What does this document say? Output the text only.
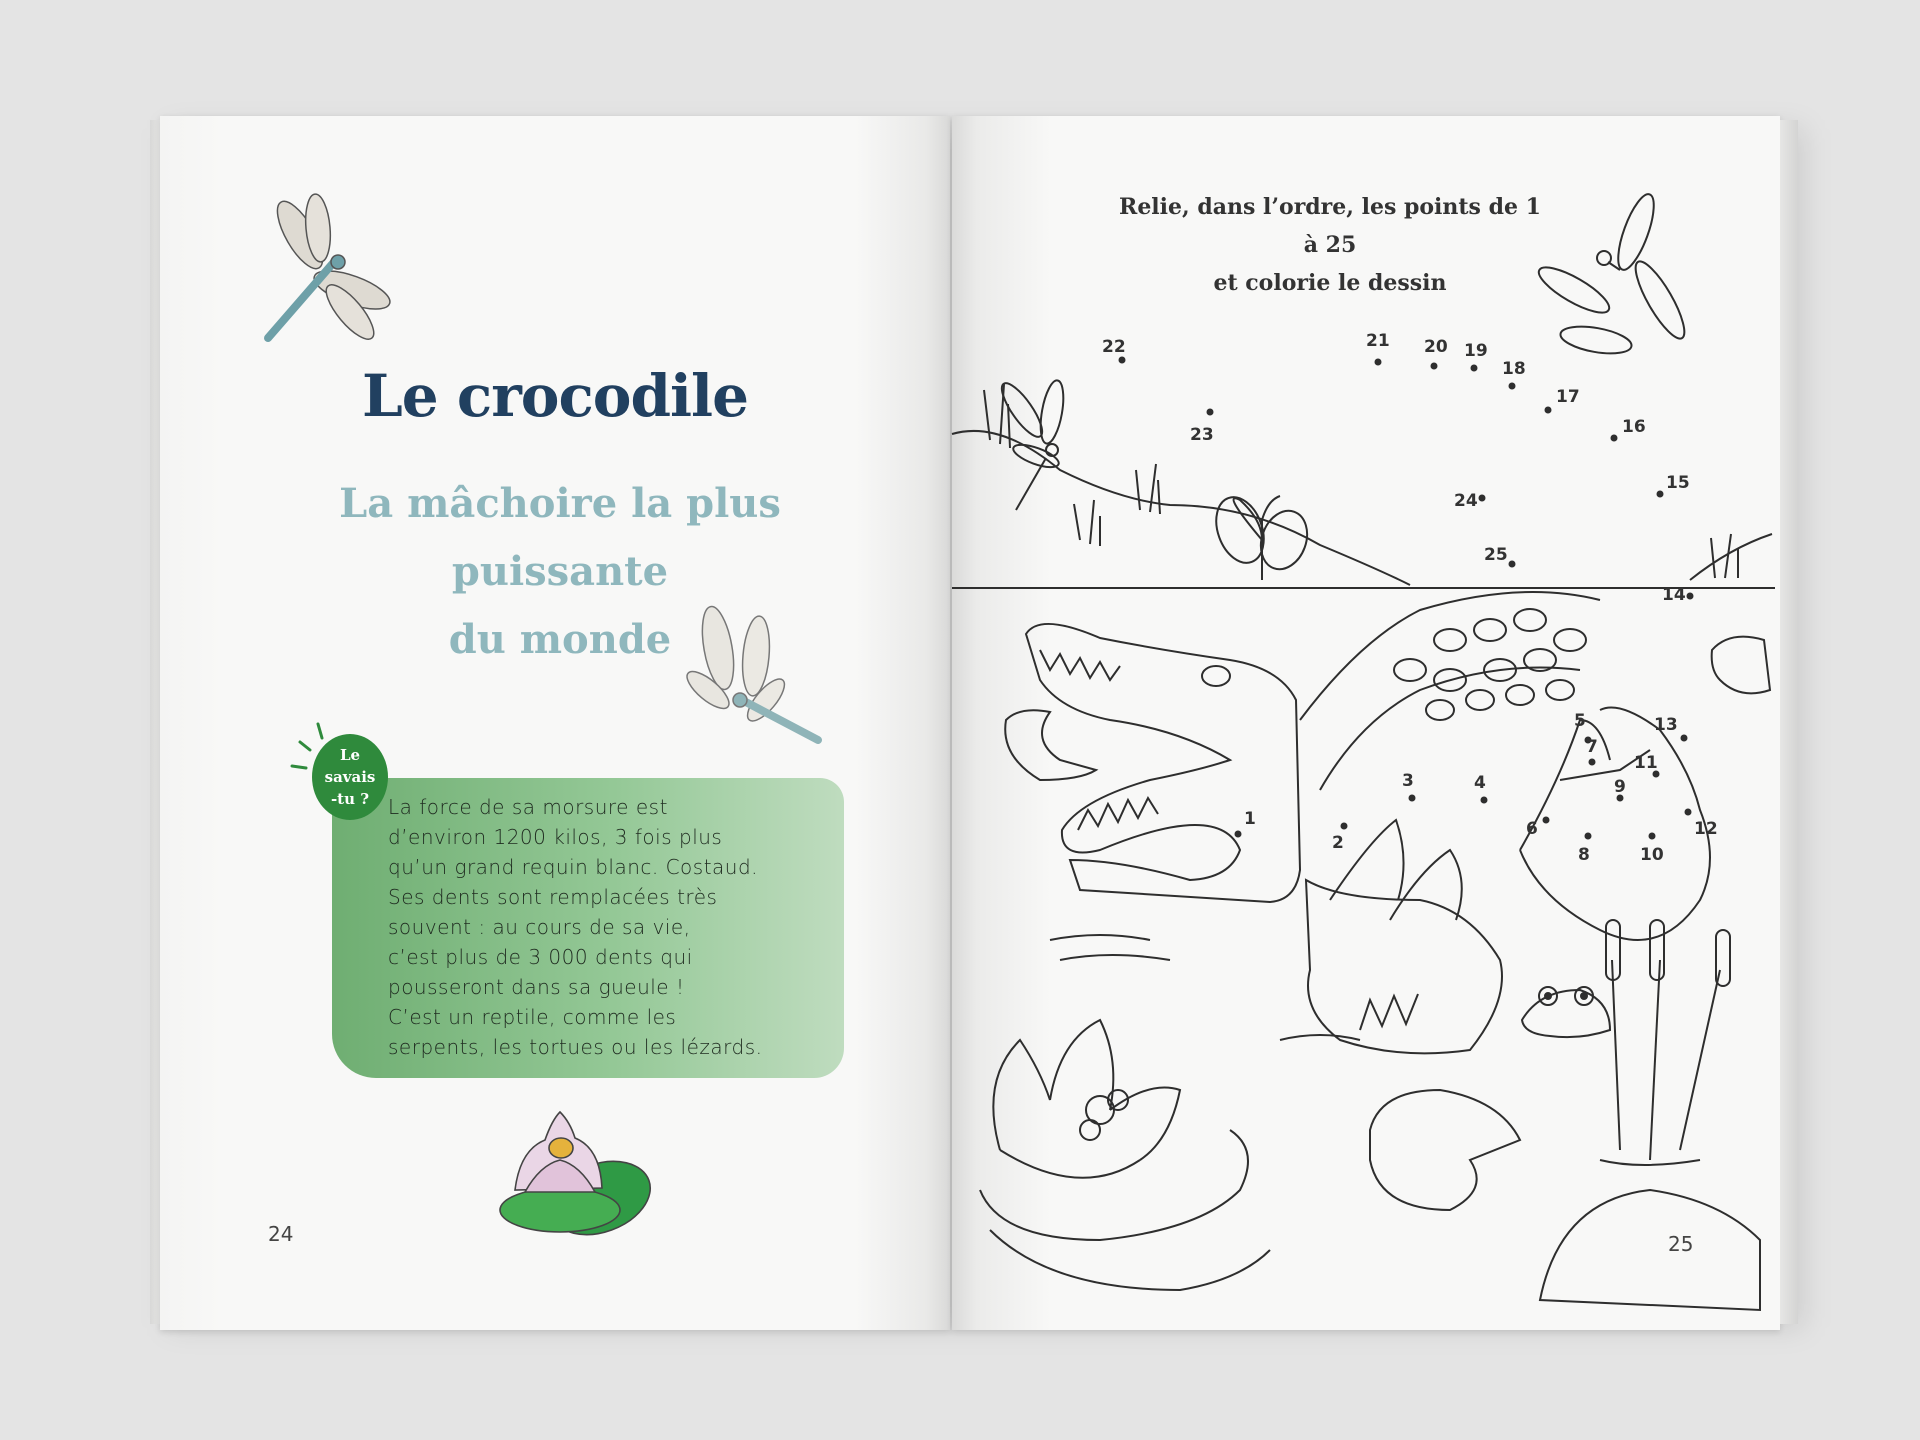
Le crocodile
La mâchoire la plus puissante
du monde
Le
savais
-tu ? La force de sa morsure est
d’environ 1200 kilos, 3 fois plus
qu’un grand requin blanc. Costaud.
Ses dents sont remplacées très
souvent : au cours de sa vie,
c’est plus de 3 000 dents qui
pousseront dans sa gueule !
C’est un reptile, comme les
serpents, les tortues ou les lézards.
24
Relie, dans l’ordre, les points de 1 à 25
et colorie le dessin
1
2
3	4
5
6
7
8
9
10
11
12
13
14
15
16
17
18
19
20
21
22
23
24
25
25
